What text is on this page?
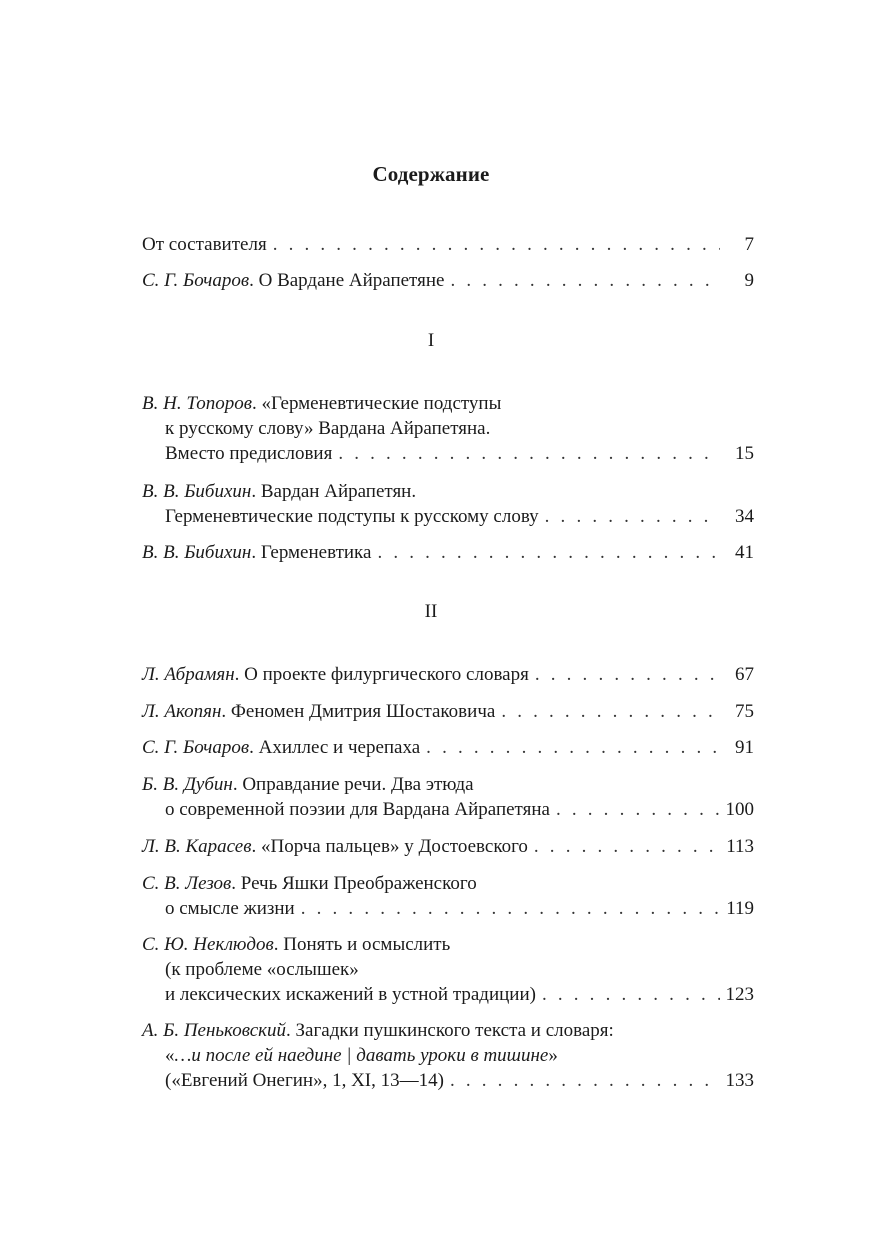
Содержание
От составителя . . .	7
С. Г. Бочаров. О Вардане Айрапетяне . . .	9
I
В. Н. Топоров. «Герменевтические подступы
к русскому слову» Вардана Айрапетяна.
Вместо предисловия . . .	15
В. В. Бибихин. Вардан Айрапетян.
Герменевтические подступы к русскому слову . . .	34
В. В. Бибихин. Герменевтика . . .	41
II
Л. Абрамян. О проекте филургического словаря . . .	67
Л. Акопян. Феномен Дмитрия Шостаковича . . .	75
С. Г. Бочаров. Ахиллес и черепаха . . .	91
Б. В. Дубин. Оправдание речи. Два этюда
о современной поэзии для Вардана Айрапетяна . . .	100
Л. В. Карасев. «Порча пальцев» у Достоевского . . .	113
С. В. Лезов. Речь Яшки Преображенского
о смысле жизни . . .	119
С. Ю. Неклюдов. Понять и осмыслить
(к проблеме «ослышек»
и лексических искажений в устной традиции) . . .	123
А. Б. Пеньковский. Загадки пушкинского текста и словаря:
«…и после ей наедине | давать уроки в тишине»
(«Евгений Онегин», 1, XI, 13—14) . . .	133
